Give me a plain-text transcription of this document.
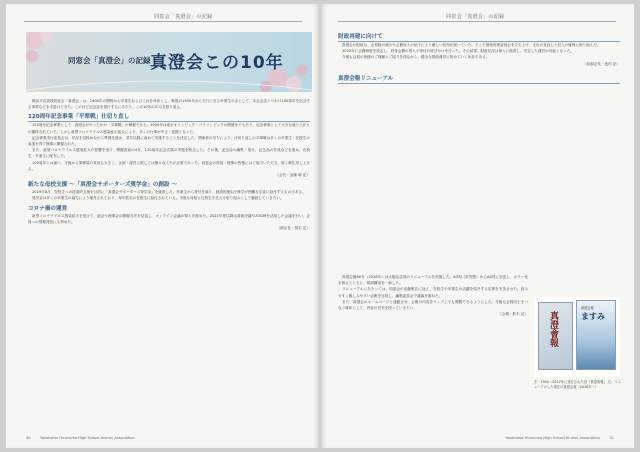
同窓会「真澄会」の記録
同窓会「真澄会」の記録 真澄会この10年

横浜平沼高校同窓会「真澄会」は、1900年の開校から卒業生およびこれを母体とし、戦後の1950年から今日に至る卒業生の会として、本会会誌とりわけ100周年を記念する事業などを手掛けてきた。このほど記念誌を発行するにあたり、この10年の歩みを振り返る。

120周年記念事業「平翠戦」仕切り直し

120周年記念事業として、真澄会が行ったのが「平翠戦」の開催である。2020年は東京オリンピック・パラリンピックの開催年でもあり、記念事業として大きな盛り上がりが期待されていた。しかし新型コロナウイルス感染症の拡大により、多くの行事が中止・延期となった。

記念事業実行委員会は、状況を見極めながら準備を進め、翌年以降に改めて実施することを決定した。関係者の尽力により、仕切り直しの平翠戦は多くの卒業生・在校生の参加を得て無事に開催された。

また、新型コロナウイルス感染拡大の影響を受け、開催直前の4月、120周年記念式典の実施を断念した。その後、記念誌の編集・発行、記念品の作成などを進め、在校生・卒業生に配布した。

100周年とは違い、今後から事務局の負担も大きく、企画・運営に際しては様々な工夫が必要であった。同窓会の役員・理事の皆様にはご協力いただき、厚く御礼申し上げる。

（会長・加藤 敏 記）

新たな母校支援 〜「真澄会サポーターズ奨学金」の創設 〜

2019年8月、在校生への経済的支援を目的に「真澄会サポーターズ奨学金」を創設した。卒業生から寄付を募り、経済的理由で修学が困難な生徒に給付するものである。

奨学金は多くの卒業生の協力により運営されており、毎年数名の在校生に給付されている。今後も母校と在校生を支える取り組みとして継続していきたい。

コロナ禍の運営

新型コロナウイルス感染拡大を受けて、総会や理事会の開催方法を見直し、オンライン会議の導入を進めた。2021年度以降は書面決議やZOOMを活用した会議を行い、会員への情報発信にも努めた。

（副会長・岡本 記）

30	Yokohama Hiranuma High School Alumni Association
同窓会「真澄会」の記録

財政再建に向けて

真澄会の財政は、会員数の減少や会費収入の低下により厳しい状況が続いていた。そこで財政再建委員会を立ち上げ、支出の見直しと収入の確保に取り組んだ。

2020年に会費制度を改定し、終身会費の導入や寄付の呼びかけを行った。その結果、財政状況は徐々に改善し、安定した運営が可能となった。

今後も会員の皆様のご理解とご協力を得ながら、健全な財政運営に努めていく所存である。

（前副会長・池内 記）

真澄会報リニューアル

真澄会報80号（2018年）は大幅な誌面のリニューアルを実施した。A3判（折判型）からA4判に変更し、カラー化を図るとともに、紙面構成を一新した。

リニューアルにあたっては、同窓会の活動報告に加え、在校生や卒業生の活躍を紹介する記事を充実させた。読みやすく親しみやすい会報を目指し、編集委員会で議論を重ねた。

また、真澄会のホームページと連動させ、会報の内容をウェブ上でも閲覧できるようにした。今後も会員同士をつなぐ媒体として、内容の充実を図っていきたい。

（会報・鈴木 記） 真澄會報
真澄会報
ますみ
左：1952～2017年に発行された旧『真澄會報』 右：リニューアルした現在の真澄会報（2018年～）
Yokohama Hiranuma High School Alumni Association	31
